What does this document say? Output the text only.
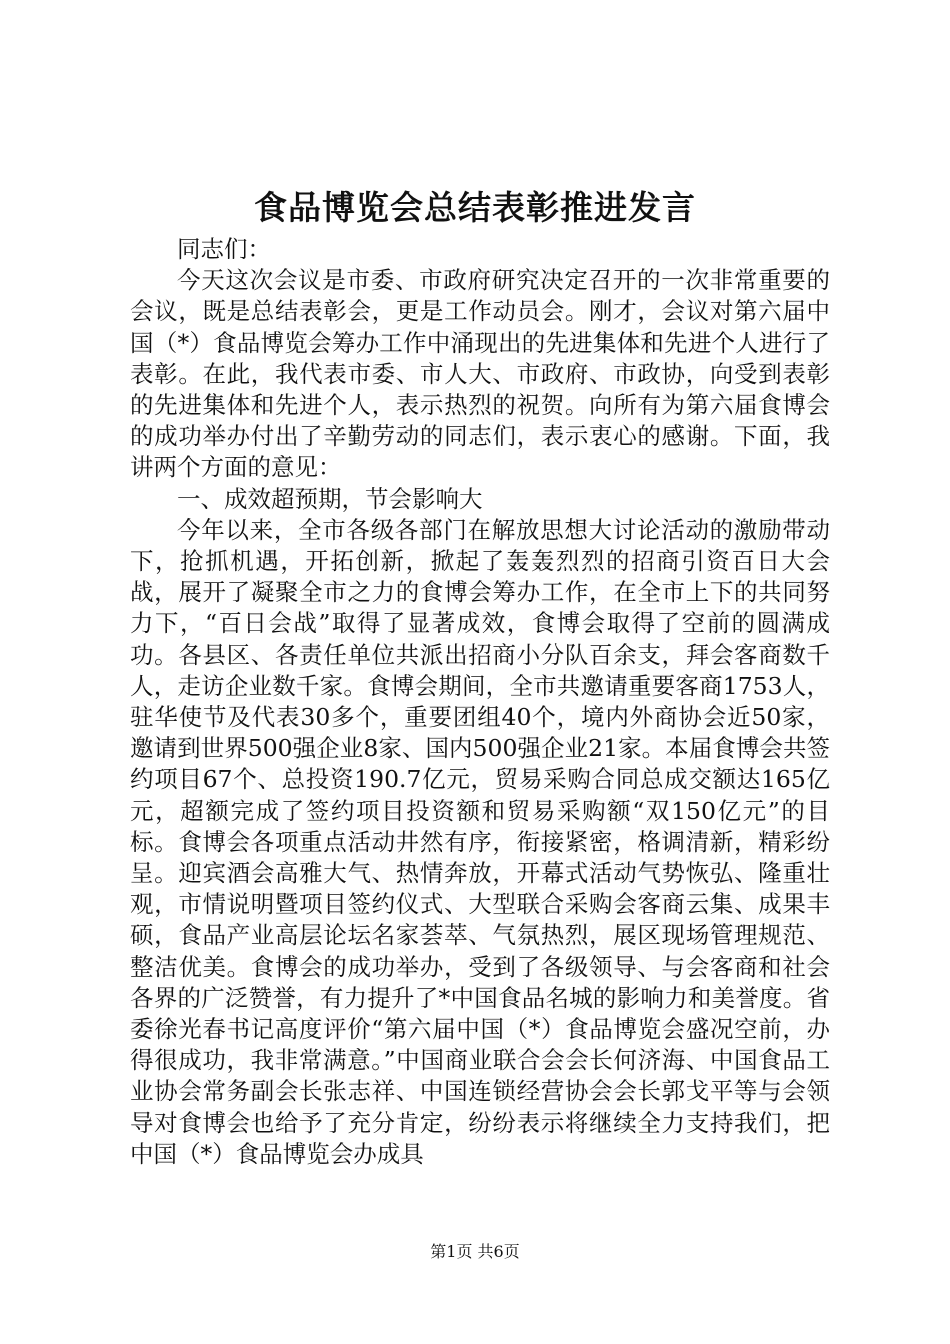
食品博览会总结表彰推进发言

同志们：

今天这次会议是市委、市政府研究决定召开的一次非常重要的会议，既是总结表彰会，更是工作动员会。刚才，会议对第六届中国（*）食品博览会筹办工作中涌现出的先进集体和先进个人进行了表彰。在此，我代表市委、市人大、市政府、市政协，向受到表彰的先进集体和先进个人，表示热烈的祝贺。向所有为第六届食博会的成功举办付出了辛勤劳动的同志们，表示衷心的感谢。下面，我讲两个方面的意见：

一、成效超预期，节会影响大

今年以来，全市各级各部门在解放思想大讨论活动的激励带动下，抢抓机遇，开拓创新，掀起了轰轰烈烈的招商引资百日大会战，展开了凝聚全市之力的食博会筹办工作，在全市上下的共同努力下，“百日会战”取得了显著成效，食博会取得了空前的圆满成功。各县区、各责任单位共派出招商小分队百余支，拜会客商数千人，走访企业数千家。食博会期间，全市共邀请重要客商1753人，驻华使节及代表30多个，重要团组40个，境内外商协会近50家，邀请到世界500强企业8家、国内500强企业21家。本届食博会共签约项目67个、总投资190.7亿元，贸易采购合同总成交额达165亿元，超额完成了签约项目投资额和贸易采购额“双150亿元”的目标。食博会各项重点活动井然有序，衔接紧密，格调清新，精彩纷呈。迎宾酒会高雅大气、热情奔放，开幕式活动气势恢弘、隆重壮观，市情说明暨项目签约仪式、大型联合采购会客商云集、成果丰硕，食品产业高层论坛名家荟萃、气氛热烈，展区现场管理规范、整洁优美。食博会的成功举办，受到了各级领导、与会客商和社会各界的广泛赞誉，有力提升了*中国食品名城的影响力和美誉度。省委徐光春书记高度评价“第六届中国（*）食品博览会盛况空前，办得很成功，我非常满意。”中国商业联合会会长何济海、中国食品工业协会常务副会长张志祥、中国连锁经营协会会长郭戈平等与会领导对食博会也给予了充分肯定，纷纷表示将继续全力支持我们，把中国（*）食品博览会办成具

第1页 共6页
